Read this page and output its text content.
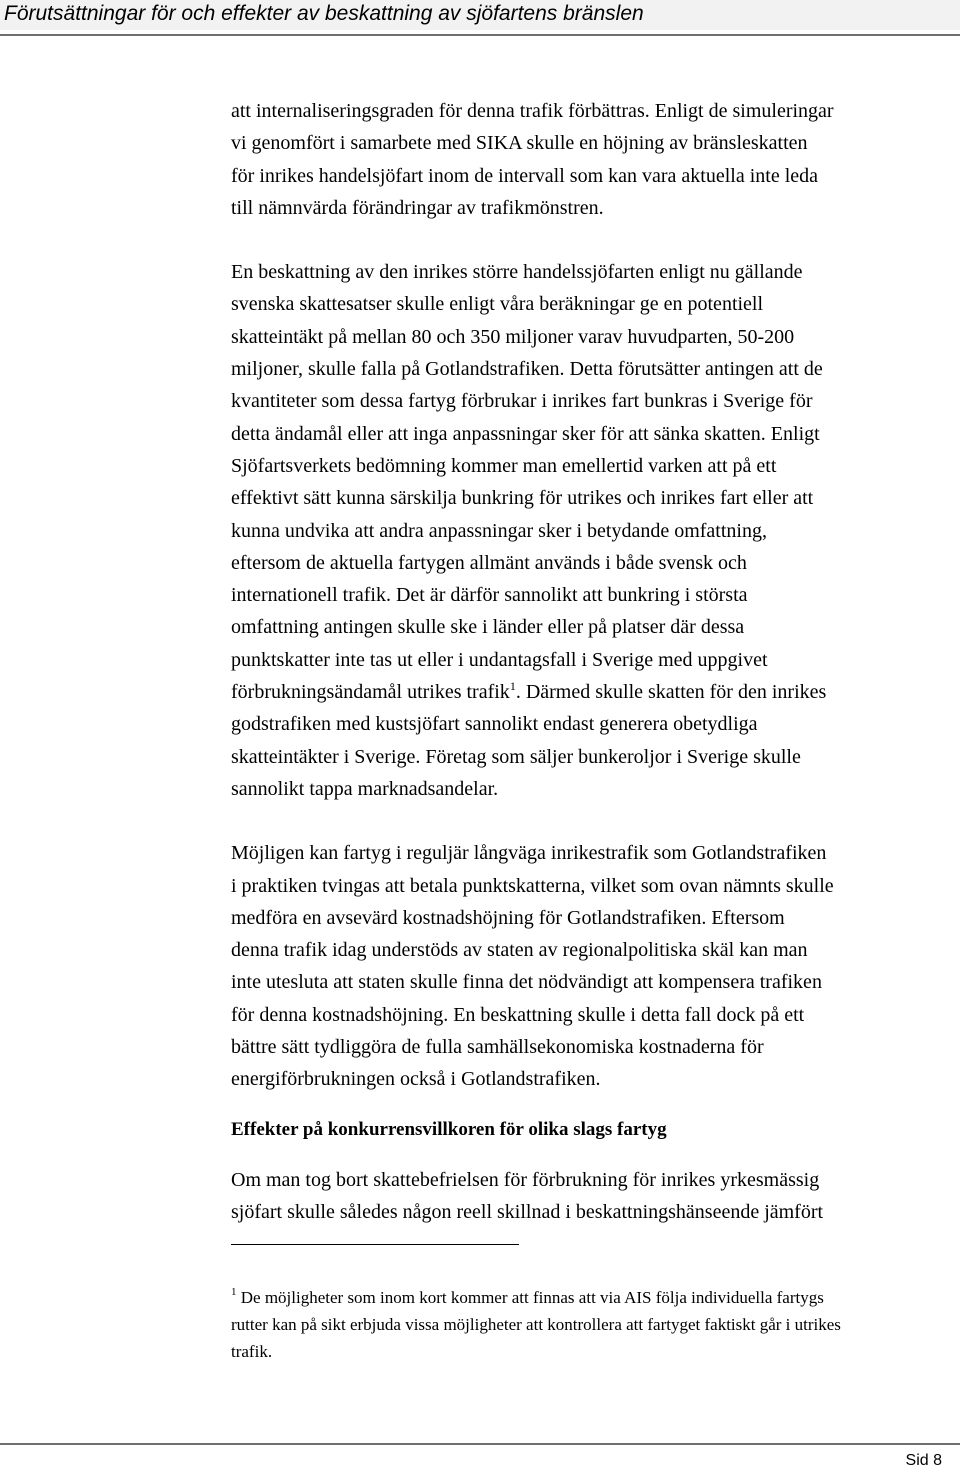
Förutsättningar för och effekter av beskattning av sjöfartens bränslen
att internaliseringsgraden för denna trafik förbättras. Enligt de simuleringar
vi genomfört i samarbete med SIKA skulle en höjning av bränsleskatten
för inrikes handelsjöfart inom de intervall som kan vara aktuella inte leda
till nämnvärda förändringar av trafikmönstren.
En beskattning av den inrikes större handelssjöfarten enligt nu gällande
svenska skattesatser skulle enligt våra beräkningar ge en potentiell
skatteintäkt på mellan 80 och 350 miljoner varav huvudparten, 50-200
miljoner, skulle falla på Gotlandstrafiken. Detta förutsätter antingen att de
kvantiteter som dessa fartyg förbrukar i inrikes fart bunkras i Sverige för
detta ändamål eller att inga anpassningar sker för att sänka skatten. Enligt
Sjöfartsverkets bedömning kommer man emellertid varken att på ett
effektivt sätt kunna särskilja bunkring för utrikes och inrikes fart eller att
kunna undvika att andra anpassningar sker i betydande omfattning,
eftersom de aktuella fartygen allmänt används i både svensk och
internationell trafik. Det är därför sannolikt att bunkring i största
omfattning antingen skulle ske i länder eller på platser där dessa
punktskatter inte tas ut eller i undantagsfall i Sverige med uppgivet
förbrukningsändamål utrikes trafik$^1$. Därmed skulle skatten för den inrikes
godstrafiken med kustsjöfart sannolikt endast generera obetydliga
skatteintäkter i Sverige. Företag som säljer bunkeroljor i Sverige skulle
sannolikt tappa marknadsandelar.
Möjligen kan fartyg i reguljär långväga inrikestrafik som Gotlandstrafiken
i praktiken tvingas att betala punktskatterna, vilket som ovan nämnts skulle
medföra en avsevärd kostnadshöjning för Gotlandstrafiken. Eftersom
denna trafik idag understöds av staten av regionalpolitiska skäl kan man
inte utesluta att staten skulle finna det nödvändigt att kompensera trafiken
för denna kostnadshöjning. En beskattning skulle i detta fall dock på ett
bättre sätt tydliggöra de fulla samhällsekonomiska kostnaderna för
energiförbrukningen också i Gotlandstrafiken.
Effekter på konkurrensvillkoren för olika slags fartyg
Om man tog bort skattebefrielsen för förbrukning för inrikes yrkesmässig
sjöfart skulle således någon reell skillnad i beskattningshänseende jämfört
$^1$ De möjligheter som inom kort kommer att finnas att via AIS följa individuella fartygs
rutter kan på sikt erbjuda vissa möjligheter att kontrollera att fartyget faktiskt går i utrikes
trafik.
Sid 8
